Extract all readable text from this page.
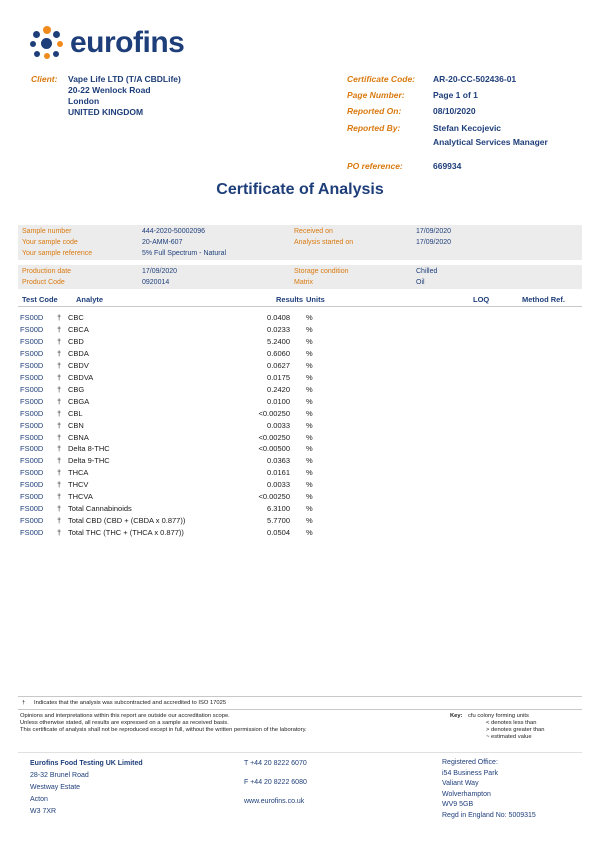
eurofins
Client: Vape Life LTD (T/A CBDLife)
20-22 Wenlock Road
London
UNITED KINGDOM
Certificate Code: AR-20-CC-502436-01
Page Number:	Page 1 of 1
Reported On:	08/10/2020
Reported By:	Stefan Kecojevic
Analytical Services Manager
PO reference:	669934
Certificate of Analysis
Sample number	444-2020-50002096	Received on	17/09/2020
Your sample code	20-AMM-607	Analysis started on	17/09/2020
Your sample reference	5% Full Spectrum - Natural
Production date	17/09/2020	Storage condition	Chilled
Product Code	0920014	Matrix	Oil
Test Code Analyte	Results Units	LOQ	Method Ref.
FS00D † CBC	0.0408 %
FS00D † CBCA	0.0233 %
FS00D † CBD	5.2400 %
FS00D † CBDA	0.6060 %
FS00D † CBDV	0.0627 %
FS00D † CBDVA	0.0175 %
FS00D † CBG	0.2420 %
FS00D † CBGA	0.0100 %
FS00D † CBL	<0.00250 %
FS00D † CBN	0.0033 %
FS00D † CBNA	<0.00250 %
FS00D † Delta 8-THC	<0.00500 %
FS00D † Delta 9-THC	0.0363 %
FS00D † THCA	0.0161 %
FS00D † THCV	0.0033 %
FS00D † THCVA	<0.00250 %
FS00D † Total Cannabinoids	6.3100 %
FS00D † Total CBD (CBD + (CBDA x 0.877))	5.7700 %
FS00D † Total THC (THC + (THCA x 0.877))	0.0504 %
† Indicates that the analysis was subcontracted and accredited to ISO 17025
Opinions and interpretations within this report are outside our accreditation scope.
Unless otherwise stated, all results are expressed on a sample as received basis.
This certificate of analysis shall not be reproduced except in full, without the written permission of the laboratory.
Key: cfu colony forming units
< denotes less than
> denotes greater than
~ estimated value
Eurofins Food Testing UK Limited
28-32 Brunel Road
Westway Estate
Acton
W3 7XR
T +44 20 8222 6070
F +44 20 8222 6080
www.eurofins.co.uk
Registered Office:
i54 Business Park
Valiant Way
Wolverhampton
WV9 5GB
Regd in England No: 5009315
